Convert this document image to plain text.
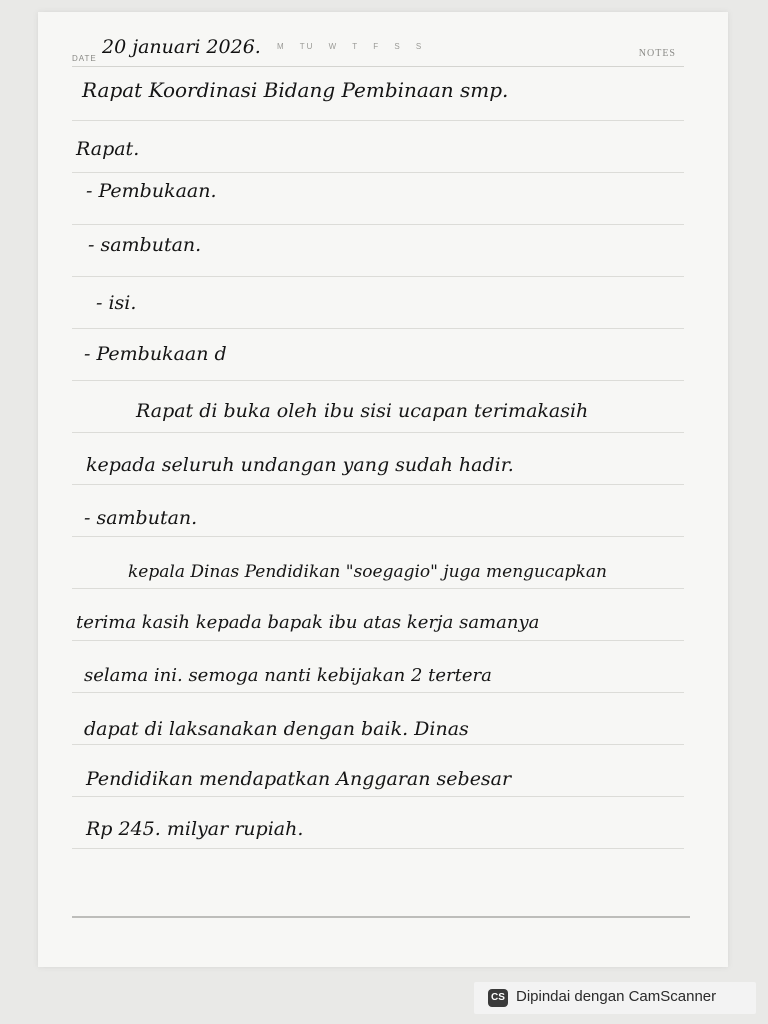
DATE
20 januari 2026. M TU W T F S S
NOTES
Rapat Koordinasi Bidang Pembinaan smp.
Rapat.
- Pembukaan.
- sambutan.
- isi.
- Pembukaan d
Rapat di buka oleh ibu sisi ucapan terimakasih
kepada seluruh undangan yang sudah hadir.
- sambutan.
kepala Dinas Pendidikan "soegagio" juga mengucapkan
terima kasih kepada bapak ibu atas kerja samanya
selama ini. semoga nanti kebijakan 2 tertera
dapat di laksanakan dengan baik. Dinas
Pendidikan mendapatkan Anggaran sebesar
Rp 245. milyar rupiah.
CS Dipindai dengan CamScanner
